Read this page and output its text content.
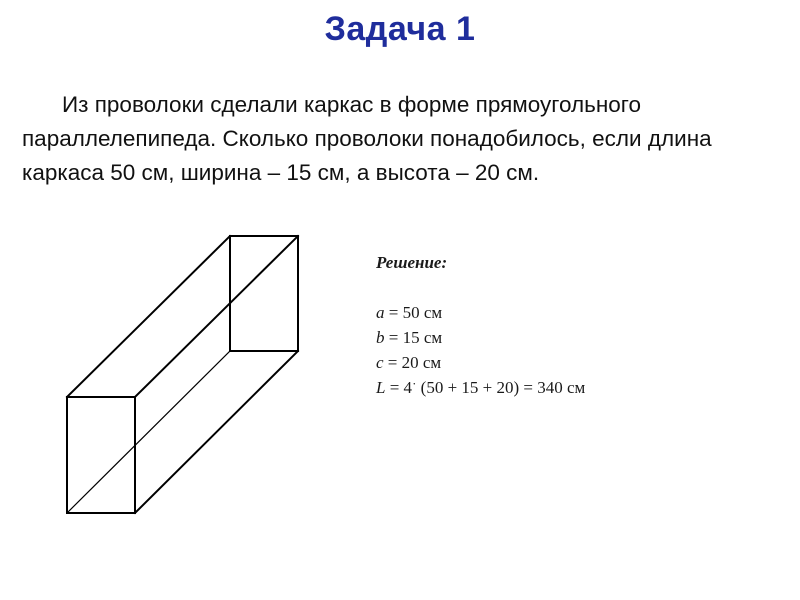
Задача 1

Из проволоки сделали каркас в форме прямоугольного параллелепипеда. Сколько проволоки понадобилось, если длина каркаса 50 см, ширина – 15 см, а высота – 20 см.

Решение:
a = 50 см
b = 15 см
c = 20 см
L = 4· (50 + 15 + 20) = 340 см
